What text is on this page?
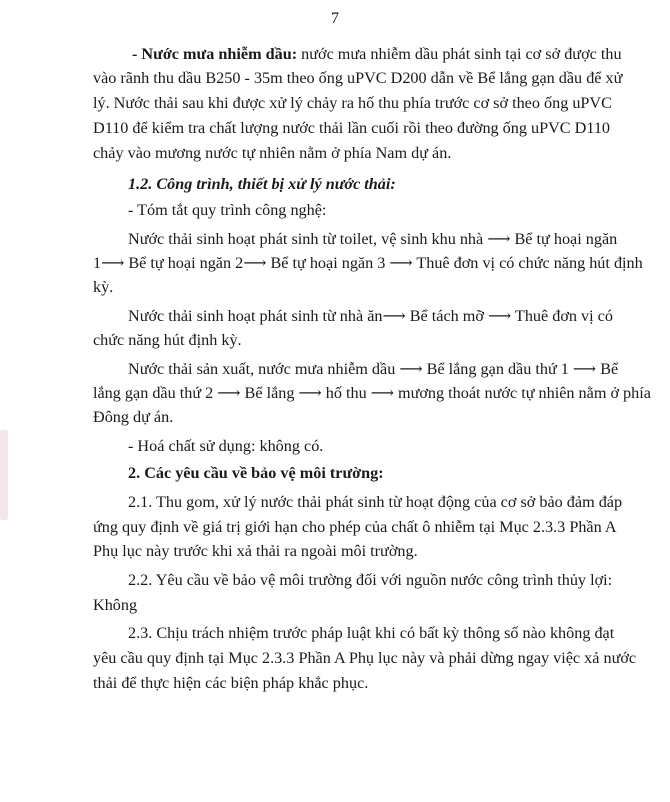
7
- Nước mưa nhiễm dầu: nước mưa nhiễm dầu phát sinh tại cơ sở được thu
vào rãnh thu dầu B250 - 35m theo ống uPVC D200 dẫn về Bể lắng gạn dầu để xử
lý. Nước thải sau khi được xử lý chảy ra hố thu phía trước cơ sở theo ống uPVC
D110 để kiểm tra chất lượng nước thải lần cuối rồi theo đường ống uPVC D110
chảy vào mương nước tự nhiên nằm ở phía Nam dự án.
1.2. Công trình, thiết bị xử lý nước thải:
- Tóm tắt quy trình công nghệ:
Nước thải sinh hoạt phát sinh từ toilet, vệ sinh khu nhà ⟶ Bể tự hoại ngăn
1⟶ Bể tự hoại ngăn 2⟶ Bể tự hoại ngăn 3 ⟶ Thuê đơn vị có chức năng hút định
kỳ.
Nước thải sinh hoạt phát sinh từ nhà ăn⟶ Bể tách mỡ ⟶ Thuê đơn vị có
chức năng hút định kỳ.
Nước thải sản xuất, nước mưa nhiễm dầu ⟶ Bể lắng gạn dầu thứ 1 ⟶ Bể
lắng gạn dầu thứ 2 ⟶ Bể lắng ⟶ hố thu ⟶ mương thoát nước tự nhiên nằm ở phía
Đông dự án.
- Hoá chất sử dụng: không có.
2. Các yêu cầu về bảo vệ môi trường:
2.1. Thu gom, xử lý nước thải phát sinh từ hoạt động của cơ sở bảo đảm đáp
ứng quy định về giá trị giới hạn cho phép của chất ô nhiễm tại Mục 2.3.3 Phần A
Phụ lục này trước khi xả thải ra ngoài môi trường.
2.2. Yêu cầu về bảo vệ môi trường đối với nguồn nước công trình thủy lợi:
Không
2.3. Chịu trách nhiệm trước pháp luật khi có bất kỳ thông số nào không đạt
yêu cầu quy định tại Mục 2.3.3 Phần A Phụ lục này và phải dừng ngay việc xả nước
thải để thực hiện các biện pháp khắc phục.
